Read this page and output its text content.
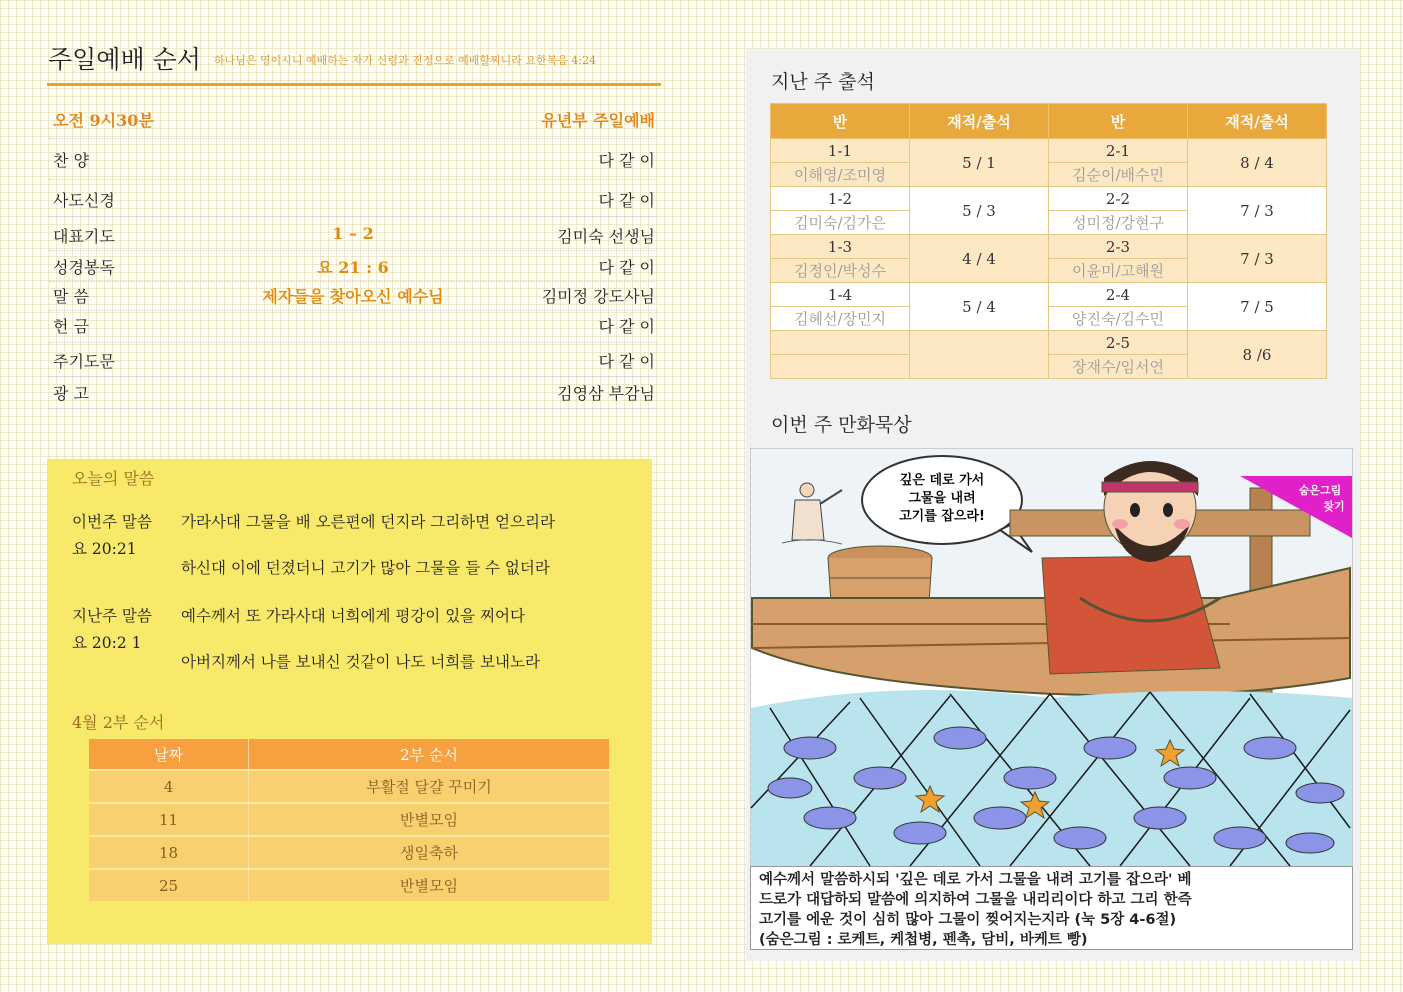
주일예배 순서 하나님은 영이시니 예배하는 자가 신령과 진정으로 예배할찌니라 요한복음 4:24
오전 9시30분	유년부 주일예배
찬 양	다 같 이
사도신경	다 같 이
대표기도	1 – 2	김미숙 선생님
성경봉독	요 21 : 6	다 같 이
말 씀	제자들을 찾아오신 예수님	김미정 강도사님
헌 금	다 같 이
주기도문	다 같 이
광 고	김영삼 부감님
오늘의 말씀
이번주 말씀
요 20:21
가라사대 그물을 배 오른편에 던지라 그리하면 얻으리라
하신대 이에 던졌더니 고기가 많아 그물을 들 수 없더라
지난주 말씀
요 20:2 1
예수께서 또 가라사대 너희에게 평강이 있을 찌어다
아버지께서 나를 보내신 것같이 나도 너희를 보내노라
4월 2부 순서
날짜	2부 순서
4	부활절 달걀 꾸미기
11	반별모임
18	생일축하
25	반별모임
지난 주 출석
반	재적/출석	반	재적/출석
1-1	5 / 1	2-1	8 / 4
이해영/조미영		김순이/배수민	
1-2	5 / 3	2-2	7 / 3
김미숙/김가은		성미정/강현구	
1-3	4 / 4	2-3	7 / 3
김정인/박성수		이윤미/고해원	
1-4	5 / 4	2-4	7 / 5
김혜선/장민지		양진숙/김수민	
		2-5	8 /6
		장재수/임서연	
이번 주 만화묵상
깊은 데로 가서
그물을 내려
고기를 잡으라!
숨은그림
찾기
예수께서 말씀하시되 '깊은 데로 가서 그물을 내려 고기를 잡으라' 베
드로가 대답하되 말씀에 의지하여 그물을 내리리이다 하고 그리 한즉
고기를 에운 것이 심히 많아 그물이 찢어지는지라 (눅 5장 4-6절)
(숨은그림 : 로케트, 케첩병, 펜촉, 담비, 바케트 빵)
